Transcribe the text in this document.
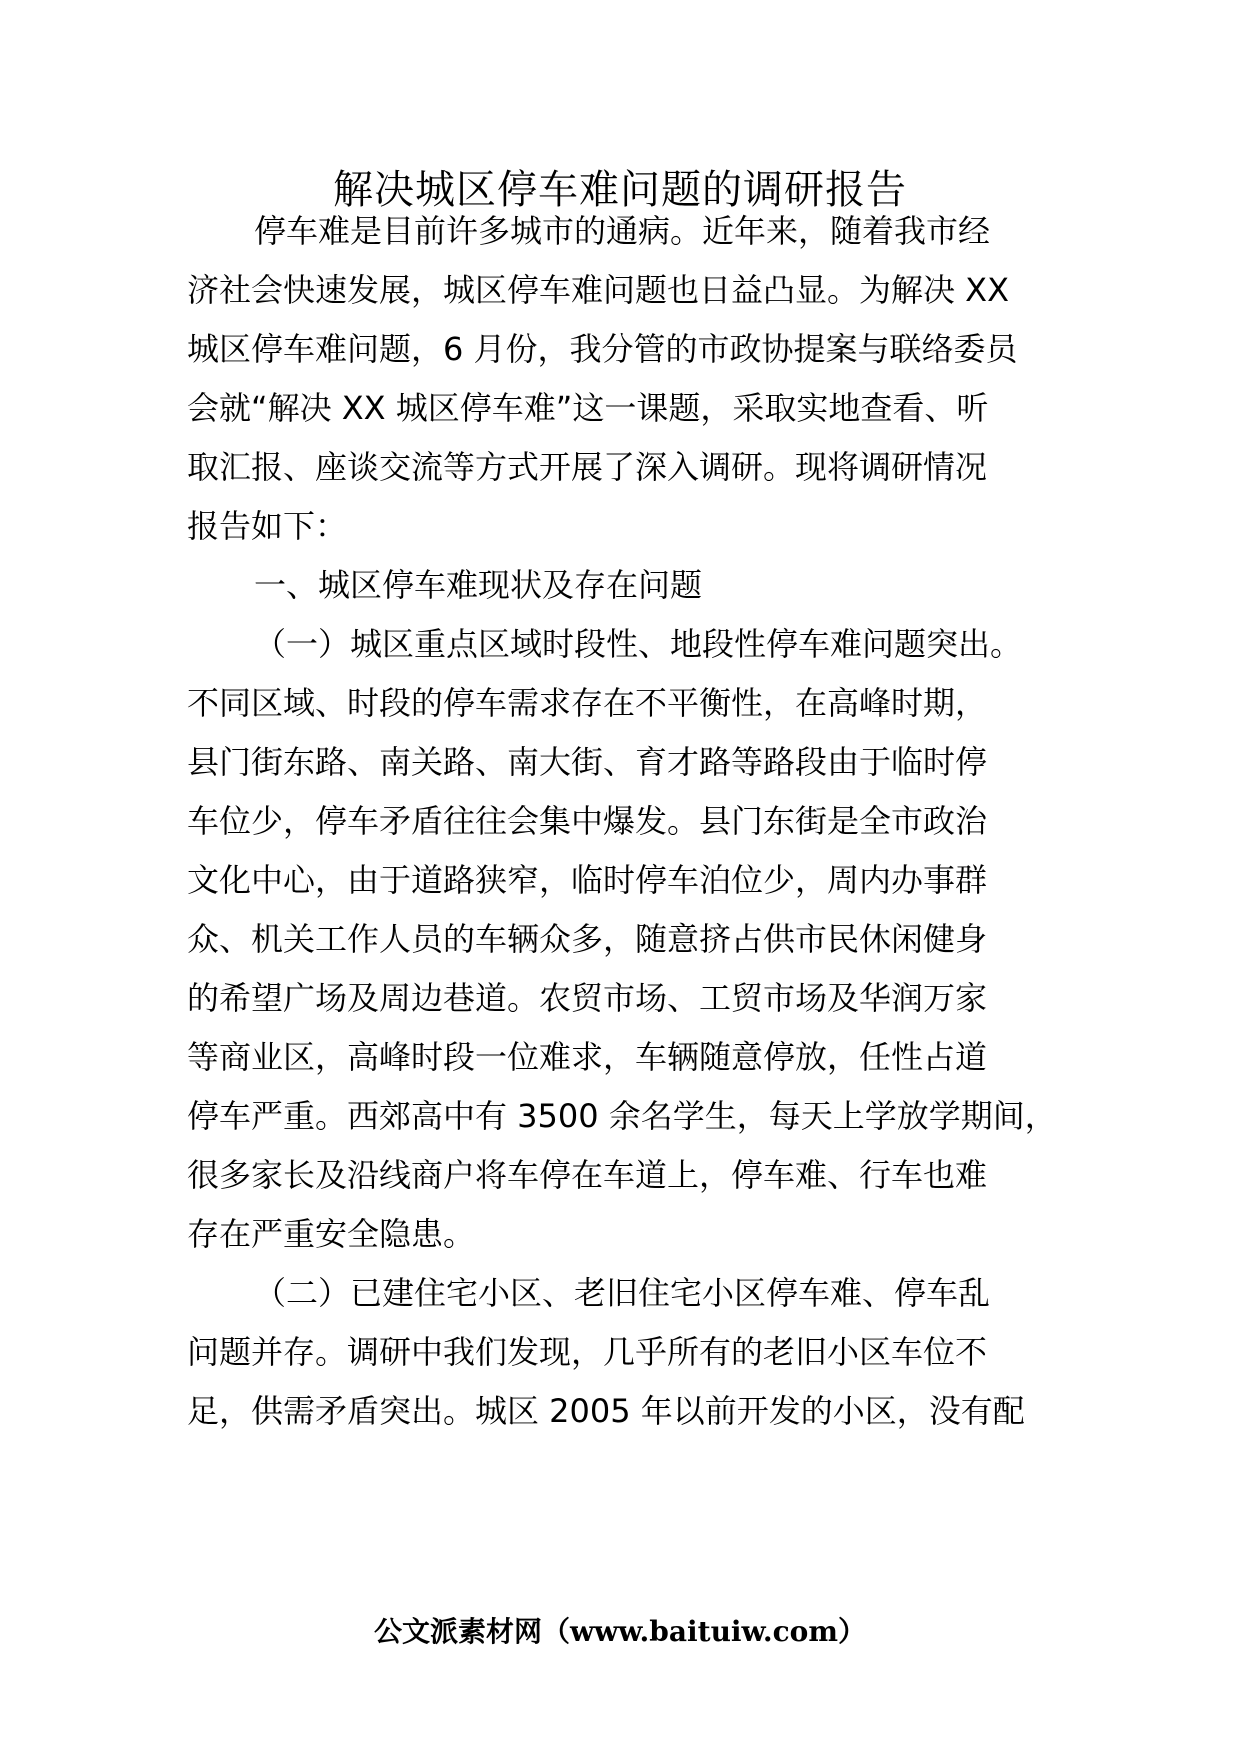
解决城区停车难问题的调研报告
停车难是目前许多城市的通病。近年来，随着我市经
济社会快速发展，城区停车难问题也日益凸显。为解决 XX
城区停车难问题，6 月份，我分管的市政协提案与联络委员
会就“解决 XX 城区停车难”这一课题，采取实地查看、听
取汇报、座谈交流等方式开展了深入调研。现将调研情况
报告如下：
一、城区停车难现状及存在问题
（一）城区重点区域时段性、地段性停车难问题突出。
不同区域、时段的停车需求存在不平衡性，在高峰时期，
县门街东路、南关路、南大街、育才路等路段由于临时停
车位少，停车矛盾往往会集中爆发。县门东街是全市政治
文化中心，由于道路狭窄，临时停车泊位少，周内办事群
众、机关工作人员的车辆众多，随意挤占供市民休闲健身
的希望广场及周边巷道。农贸市场、工贸市场及华润万家
等商业区，高峰时段一位难求，车辆随意停放，任性占道
停车严重。西郊高中有 3500 余名学生，每天上学放学期间，
很多家长及沿线商户将车停在车道上，停车难、行车也难
存在严重安全隐患。
（二）已建住宅小区、老旧住宅小区停车难、停车乱
问题并存。调研中我们发现，几乎所有的老旧小区车位不
足，供需矛盾突出。城区 2005 年以前开发的小区，没有配
公文派素材网（www.baituiw.com）
